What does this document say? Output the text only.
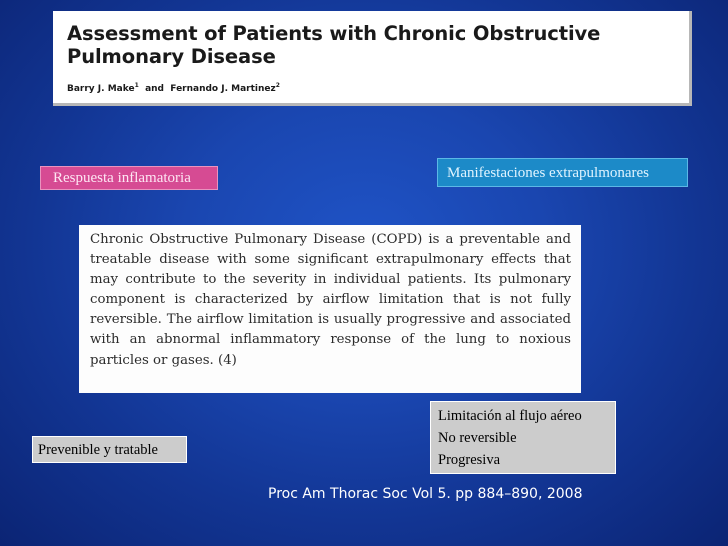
Assessment of Patients with Chronic Obstructive Pulmonary Disease
Barry J. Make$^1$ and Fernando J. Martinez$^2$
Respuesta inflamatoria	Manifestaciones extrapulmonares

Chronic Obstructive Pulmonary Disease (COPD) is a preventable and treatable disease with some significant extrapulmonary effects that may contribute to the severity in individual patients. Its pulmonary component is characterized by airflow limitation that is not fully reversible. The airflow limitation is usually progressive and associated with an abnormal inflammatory response of the lung to noxious particles or gases. (4)

Limitación al flujo aéreo
No reversible
Progresiva
Prevenible y tratable
Proc Am Thorac Soc Vol 5. pp 884–890, 2008
